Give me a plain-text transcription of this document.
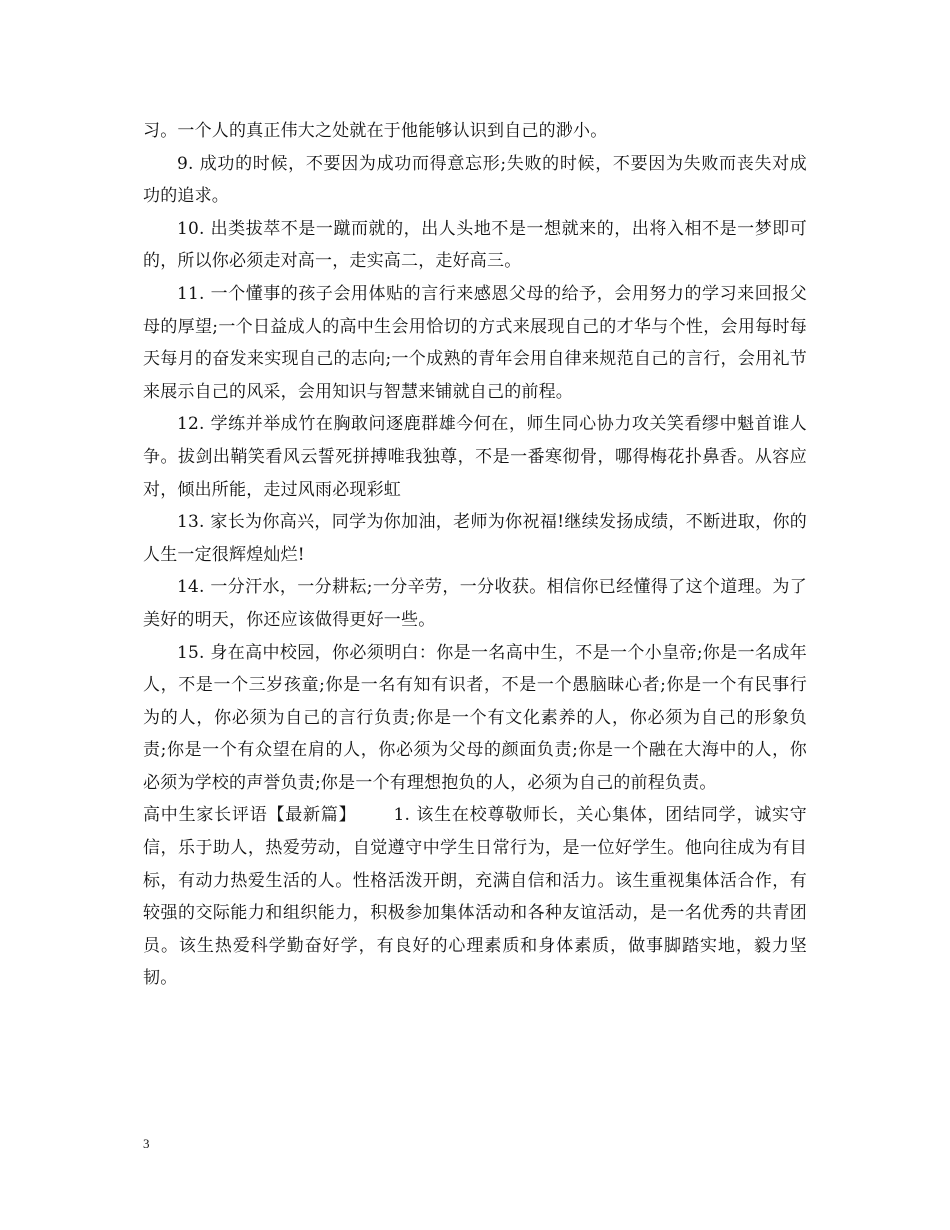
习。一个人的真正伟大之处就在于他能够认识到自己的渺小。

9. 成功的时候，不要因为成功而得意忘形;失败的时候，不要因为失败而丧失对成功的追求。

10. 出类拔萃不是一蹴而就的，出人头地不是一想就来的，出将入相不是一梦即可的，所以你必须走对高一，走实高二，走好高三。

11. 一个懂事的孩子会用体贴的言行来感恩父母的给予，会用努力的学习来回报父母的厚望;一个日益成人的高中生会用恰切的方式来展现自己的才华与个性，会用每时每天每月的奋发来实现自己的志向;一个成熟的青年会用自律来规范自己的言行，会用礼节来展示自己的风采，会用知识与智慧来铺就自己的前程。

12. 学练并举成竹在胸敢问逐鹿群雄今何在，师生同心协力攻关笑看缪中魁首谁人争。拔剑出鞘笑看风云誓死拼搏唯我独尊，不是一番寒彻骨，哪得梅花扑鼻香。从容应对，倾出所能，走过风雨必现彩虹

13. 家长为你高兴，同学为你加油，老师为你祝福!继续发扬成绩，不断进取，你的人生一定很辉煌灿烂!

14. 一分汗水，一分耕耘;一分辛劳，一分收获。相信你已经懂得了这个道理。为了美好的明天，你还应该做得更好一些。

15. 身在高中校园，你必须明白：你是一名高中生，不是一个小皇帝;你是一名成年人，不是一个三岁孩童;你是一名有知有识者，不是一个愚脑昧心者;你是一个有民事行为的人，你必须为自己的言行负责;你是一个有文化素养的人，你必须为自己的形象负责;你是一个有众望在肩的人，你必须为父母的颜面负责;你是一个融在大海中的人，你必须为学校的声誉负责;你是一个有理想抱负的人，必须为自己的前程负责。

高中生家长评语【最新篇】 1. 该生在校尊敬师长，关心集体，团结同学，诚实守信，乐于助人，热爱劳动，自觉遵守中学生日常行为，是一位好学生。他向往成为有目标，有动力热爱生活的人。性格活泼开朗，充满自信和活力。该生重视集体活合作，有较强的交际能力和组织能力，积极参加集体活动和各种友谊活动，是一名优秀的共青团员。该生热爱科学勤奋好学，有良好的心理素质和身体素质，做事脚踏实地，毅力坚韧。

3
